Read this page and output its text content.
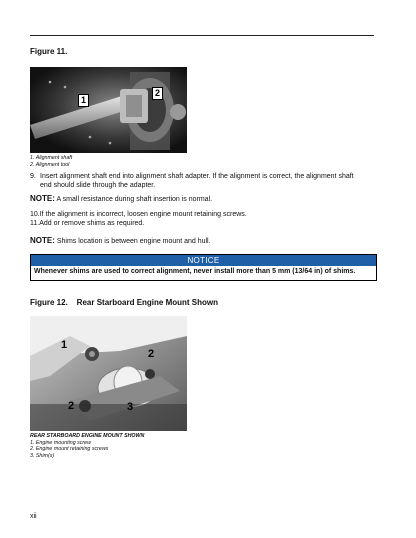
Figure 11.
1
2
1. Alignment shaft
2. Alignment tool
9. Insert alignment shaft end into alignment shaft adapter. If the alignment is correct, the alignment shaft
end should slide through the adapter.
NOTE: A small resistance during shaft insertion is normal.
10.If the alignment is incorrect, loosen engine mount retaining screws.
11.Add or remove shims as required.
NOTE: Shims location is between engine mount and hull.
NOTICE
Whenever shims are used to correct alignment, never install more than 5 mm (13/64 in) of shims.
Figure 12.    Rear Starboard Engine Mount Shown
1
2
2	3
REAR STARBOARD ENGINE MOUNT SHOWN
1. Engine mounting screw
2. Engine mount retaining screws
3. Shim(s)
xii
